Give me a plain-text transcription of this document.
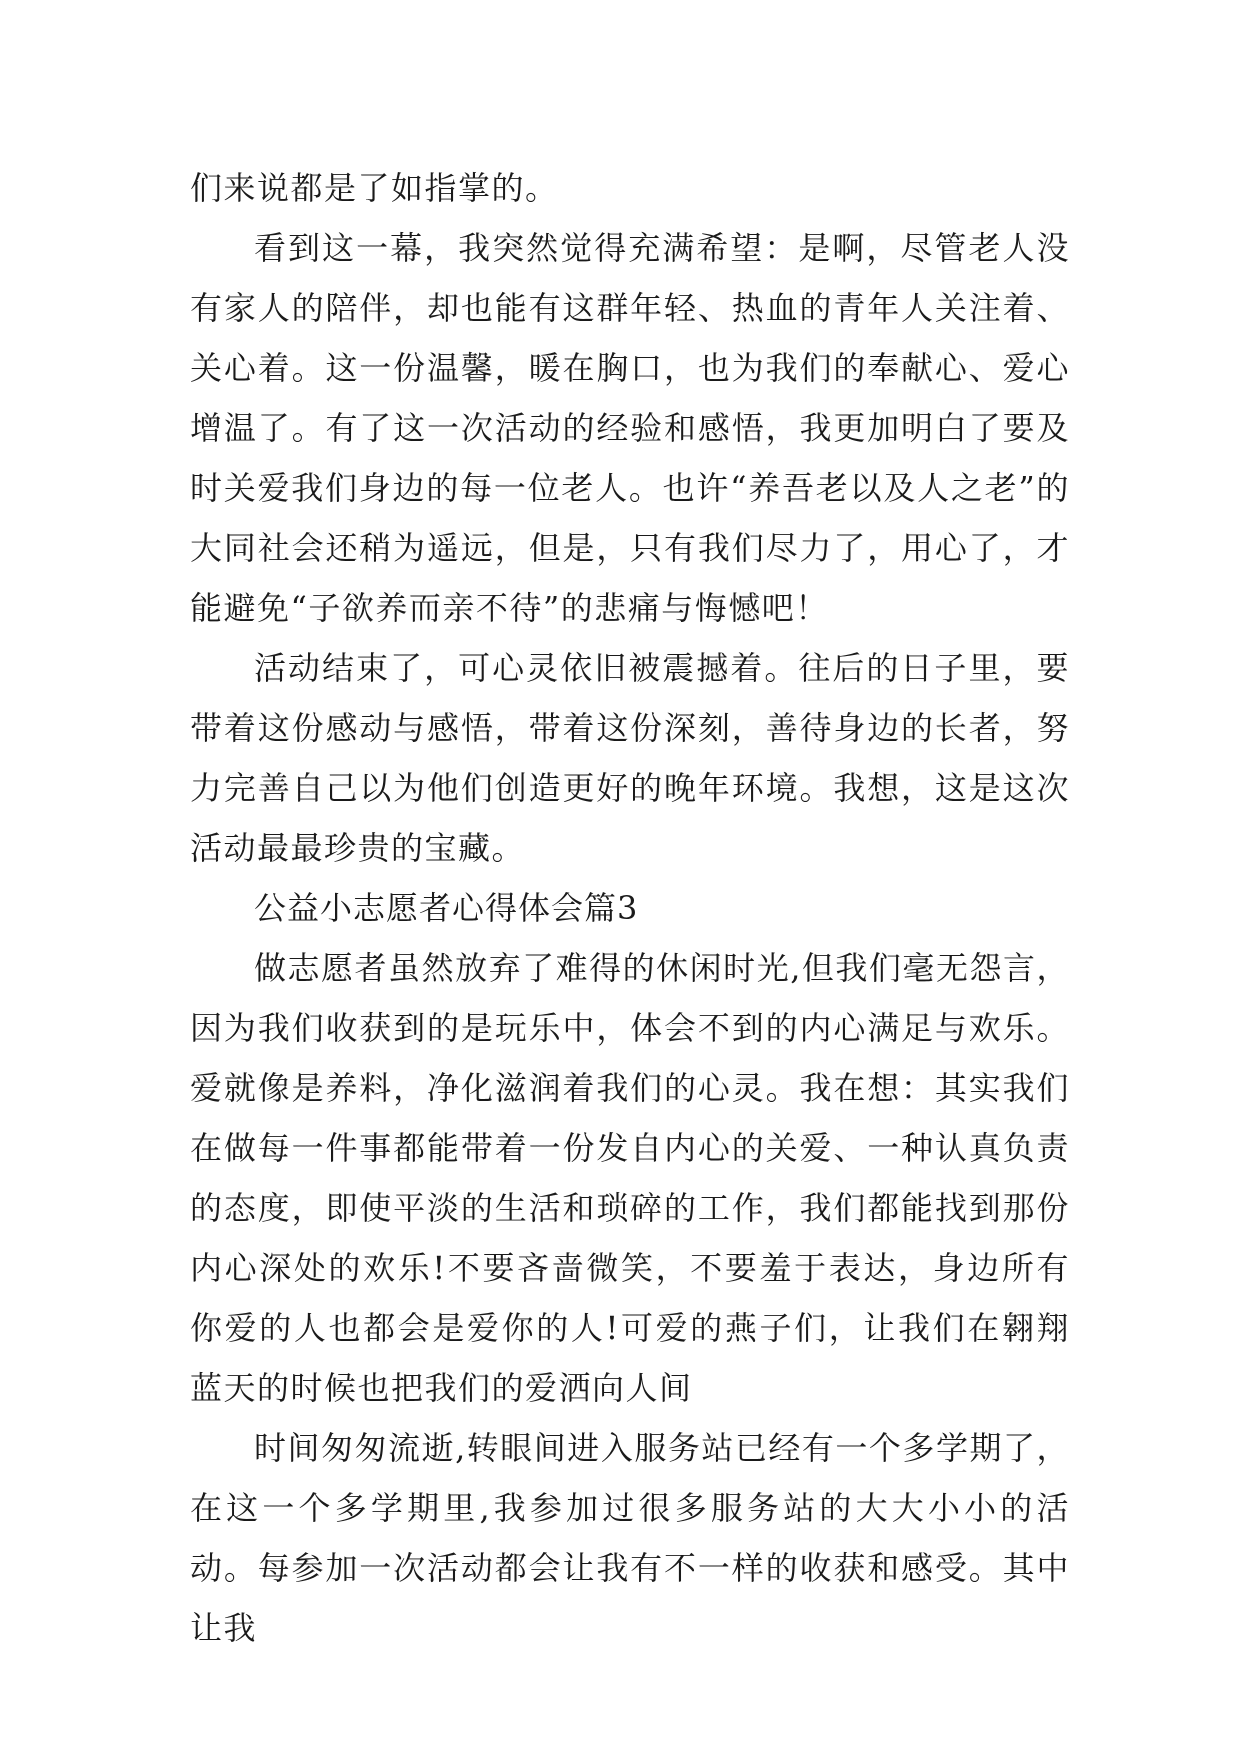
们来说都是了如指掌的。

看到这一幕，我突然觉得充满希望：是啊，尽管老人没有家人的陪伴，却也能有这群年轻、热血的青年人关注着、关心着。这一份温馨，暖在胸口，也为我们的奉献心、爱心增温了。有了这一次活动的经验和感悟，我更加明白了要及时关爱我们身边的每一位老人。也许“养吾老以及人之老”的大同社会还稍为遥远，但是，只有我们尽力了，用心了，才能避免“子欲养而亲不待”的悲痛与悔憾吧！

活动结束了，可心灵依旧被震撼着。往后的日子里，要带着这份感动与感悟，带着这份深刻，善待身边的长者，努力完善自己以为他们创造更好的晚年环境。我想，这是这次活动最最珍贵的宝藏。

公益小志愿者心得体会篇3

做志愿者虽然放弃了难得的休闲时光,但我们毫无怨言，因为我们收获到的是玩乐中，体会不到的内心满足与欢乐。爱就像是养料，净化滋润着我们的心灵。我在想：其实我们在做每一件事都能带着一份发自内心的关爱、一种认真负责的态度，即使平淡的生活和琐碎的工作，我们都能找到那份内心深处的欢乐!不要吝啬微笑，不要羞于表达，身边所有你爱的人也都会是爱你的人!可爱的燕子们，让我们在翱翔蓝天的时候也把我们的爱洒向人间

时间匆匆流逝,转眼间进入服务站已经有一个多学期了，在这一个多学期里,我参加过很多服务站的大大小小的活动。每参加一次活动都会让我有不一样的收获和感受。其中让我
